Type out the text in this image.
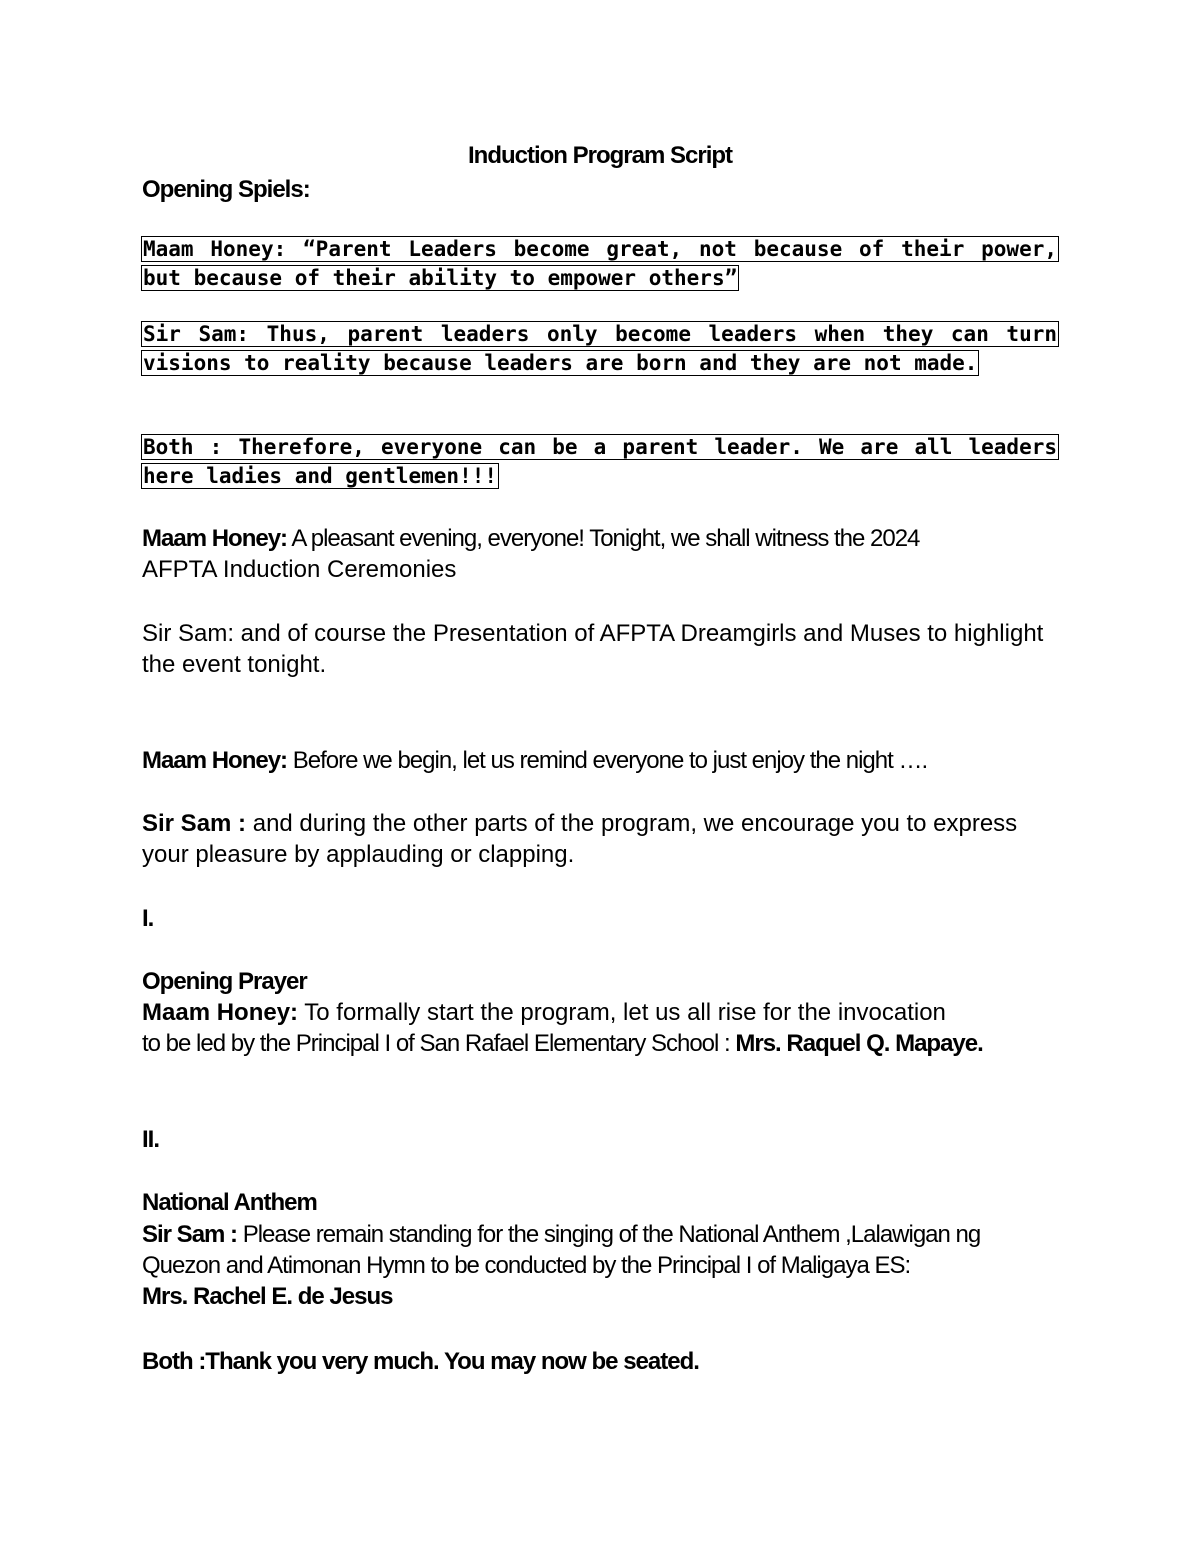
Induction Program Script
Opening Spiels:
Maam Honey: “Parent Leaders become great, not because of their power, but because of their ability to empower others”
Sir Sam: Thus, parent leaders only become leaders when they can turn visions to reality because leaders are born and they are not made.
Both : Therefore, everyone can be a parent leader. We are all leaders here ladies and gentlemen!!!
Maam Honey: A pleasant evening, everyone! Tonight, we shall witness the 2024
AFPTA Induction Ceremonies
Sir Sam: and of course the Presentation of AFPTA Dreamgirls and Muses to highlight the event tonight.
Maam Honey: Before we begin, let us remind everyone to just enjoy the night ….
Sir Sam : and during the other parts of the program, we encourage you to express your pleasure by applauding or clapping.
I.
Opening Prayer
Maam Honey: To formally start the program, let us all rise for the invocation
to be led by the Principal I of San Rafael Elementary School : Mrs. Raquel Q. Mapaye.
II.
National Anthem
Sir Sam : Please remain standing for the singing of the National Anthem ,Lalawigan ng Quezon and Atimonan Hymn to be conducted by the Principal I of Maligaya ES:
Mrs. Rachel E. de Jesus
Both :Thank you very much. You may now be seated.
